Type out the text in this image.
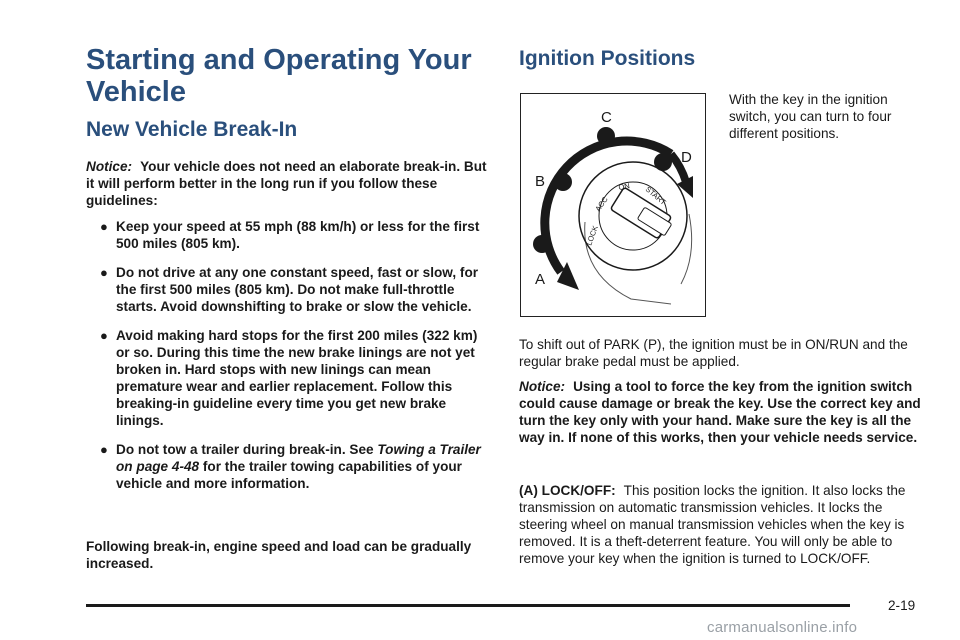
Starting and Operating Your Vehicle
New Vehicle Break-In
Notice: Your vehicle does not need an elaborate break-in. But it will perform better in the long run if you follow these guidelines:
● Keep your speed at 55 mph (88 km/h) or less for the first 500 miles (805 km).
● Do not drive at any one constant speed, fast or slow, for the first 500 miles (805 km). Do not make full-throttle starts. Avoid downshifting to brake or slow the vehicle.
● Avoid making hard stops for the first 200 miles (322 km) or so. During this time the new brake linings are not yet broken in. Hard stops with new linings can mean premature wear and earlier replacement. Follow this breaking-in guideline every time you get new brake linings.
● Do not tow a trailer during break-in. See Towing a Trailer on page 4-48 for the trailer towing capabilities of your vehicle and more information.
Following break-in, engine speed and load can be gradually increased.
Ignition Positions
A
B
C
D
LOCK
ACC
ON START
With the key in the ignition switch, you can turn to four different positions.
To shift out of PARK (P), the ignition must be in ON/RUN and the regular brake pedal must be applied.
Notice: Using a tool to force the key from the ignition switch could cause damage or break the key. Use the correct key and turn the key only with your hand. Make sure the key is all the way in. If none of this works, then your vehicle needs service.
(A) LOCK/OFF: This position locks the ignition. It also locks the transmission on automatic transmission vehicles. It locks the steering wheel on manual transmission vehicles when the key is removed. It is a theft-deterrent feature. You will only be able to remove your key when the ignition is turned to LOCK/OFF.
2-19
carmanualsonline.info
